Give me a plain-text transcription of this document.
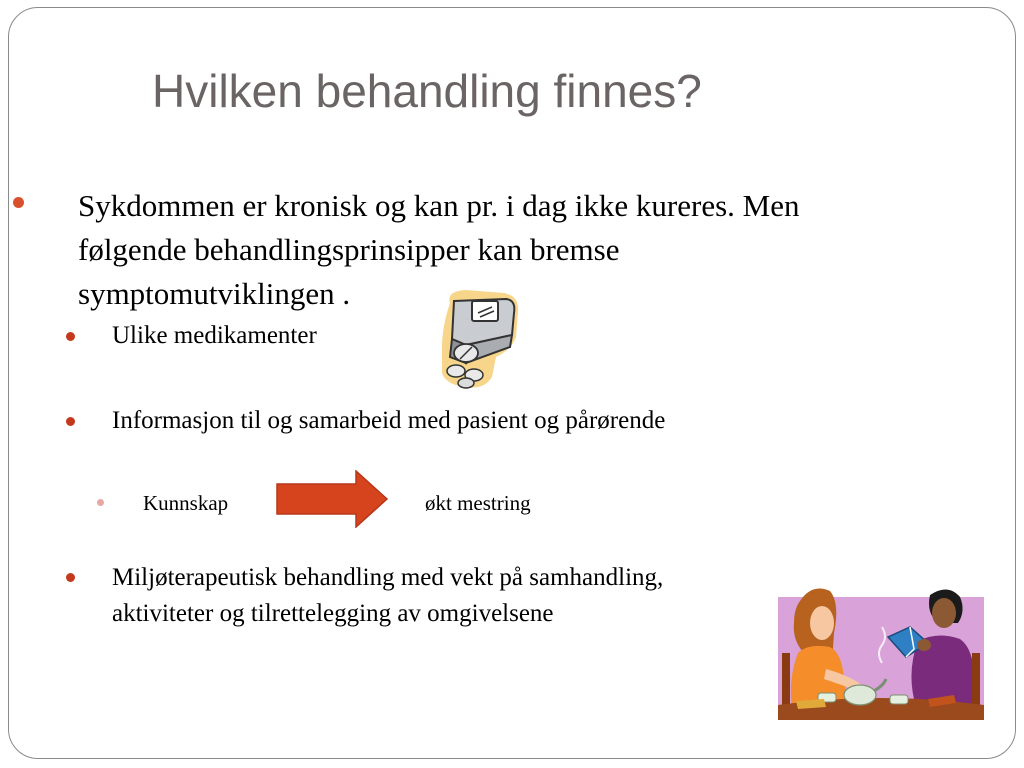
Hvilken behandling finnes?
Sykdommen er kronisk og kan pr. i dag ikke kureres. Men
følgende behandlingsprinsipper kan bremse
symptomutviklingen .
Ulike medikamenter
Informasjon til og samarbeid med pasient og pårørende
Kunnskap	økt mestring
Miljøterapeutisk behandling med vekt på samhandling,
aktiviteter og tilrettelegging av omgivelsene
